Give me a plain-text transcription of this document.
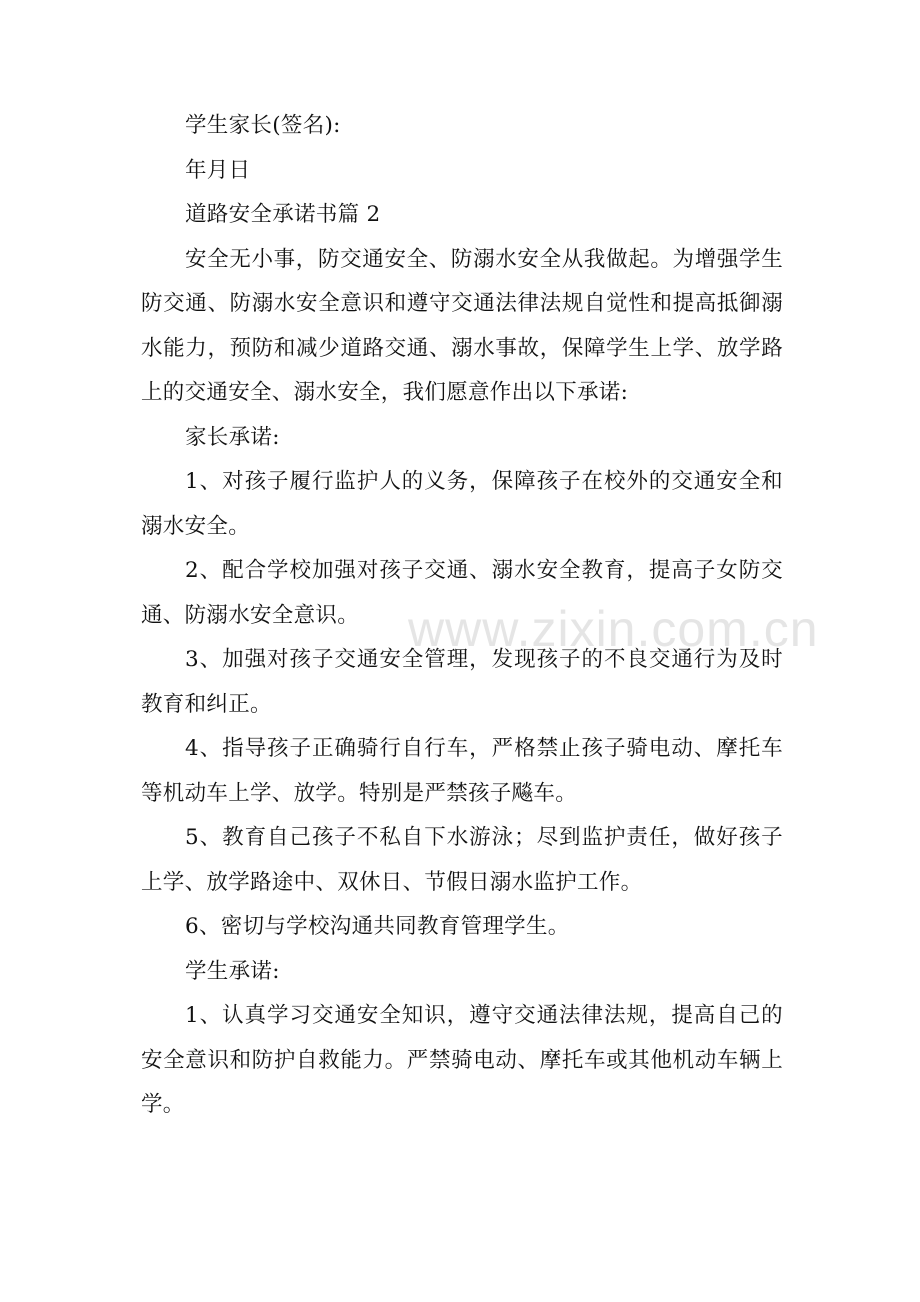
学生家长(签名):

年月日

道路安全承诺书篇 2

安全无小事，防交通安全、防溺水安全从我做起。为增强学生防交通、防溺水安全意识和遵守交通法律法规自觉性和提高抵御溺水能力，预防和减少道路交通、溺水事故，保障学生上学、放学路上的交通安全、溺水安全，我们愿意作出以下承诺:

家长承诺:

1、对孩子履行监护人的义务，保障孩子在校外的交通安全和溺水安全。

2、配合学校加强对孩子交通、溺水安全教育，提高子女防交通、防溺水安全意识。

3、加强对孩子交通安全管理，发现孩子的不良交通行为及时教育和纠正。

4、指导孩子正确骑行自行车，严格禁止孩子骑电动、摩托车等机动车上学、放学。特别是严禁孩子飚车。

5、教育自己孩子不私自下水游泳；尽到监护责任，做好孩子上学、放学路途中、双休日、节假日溺水监护工作。

6、密切与学校沟通共同教育管理学生。

学生承诺:

1、认真学习交通安全知识，遵守交通法律法规，提高自己的安全意识和防护自救能力。严禁骑电动、摩托车或其他机动车辆上学。

www.zixin.com.cn
